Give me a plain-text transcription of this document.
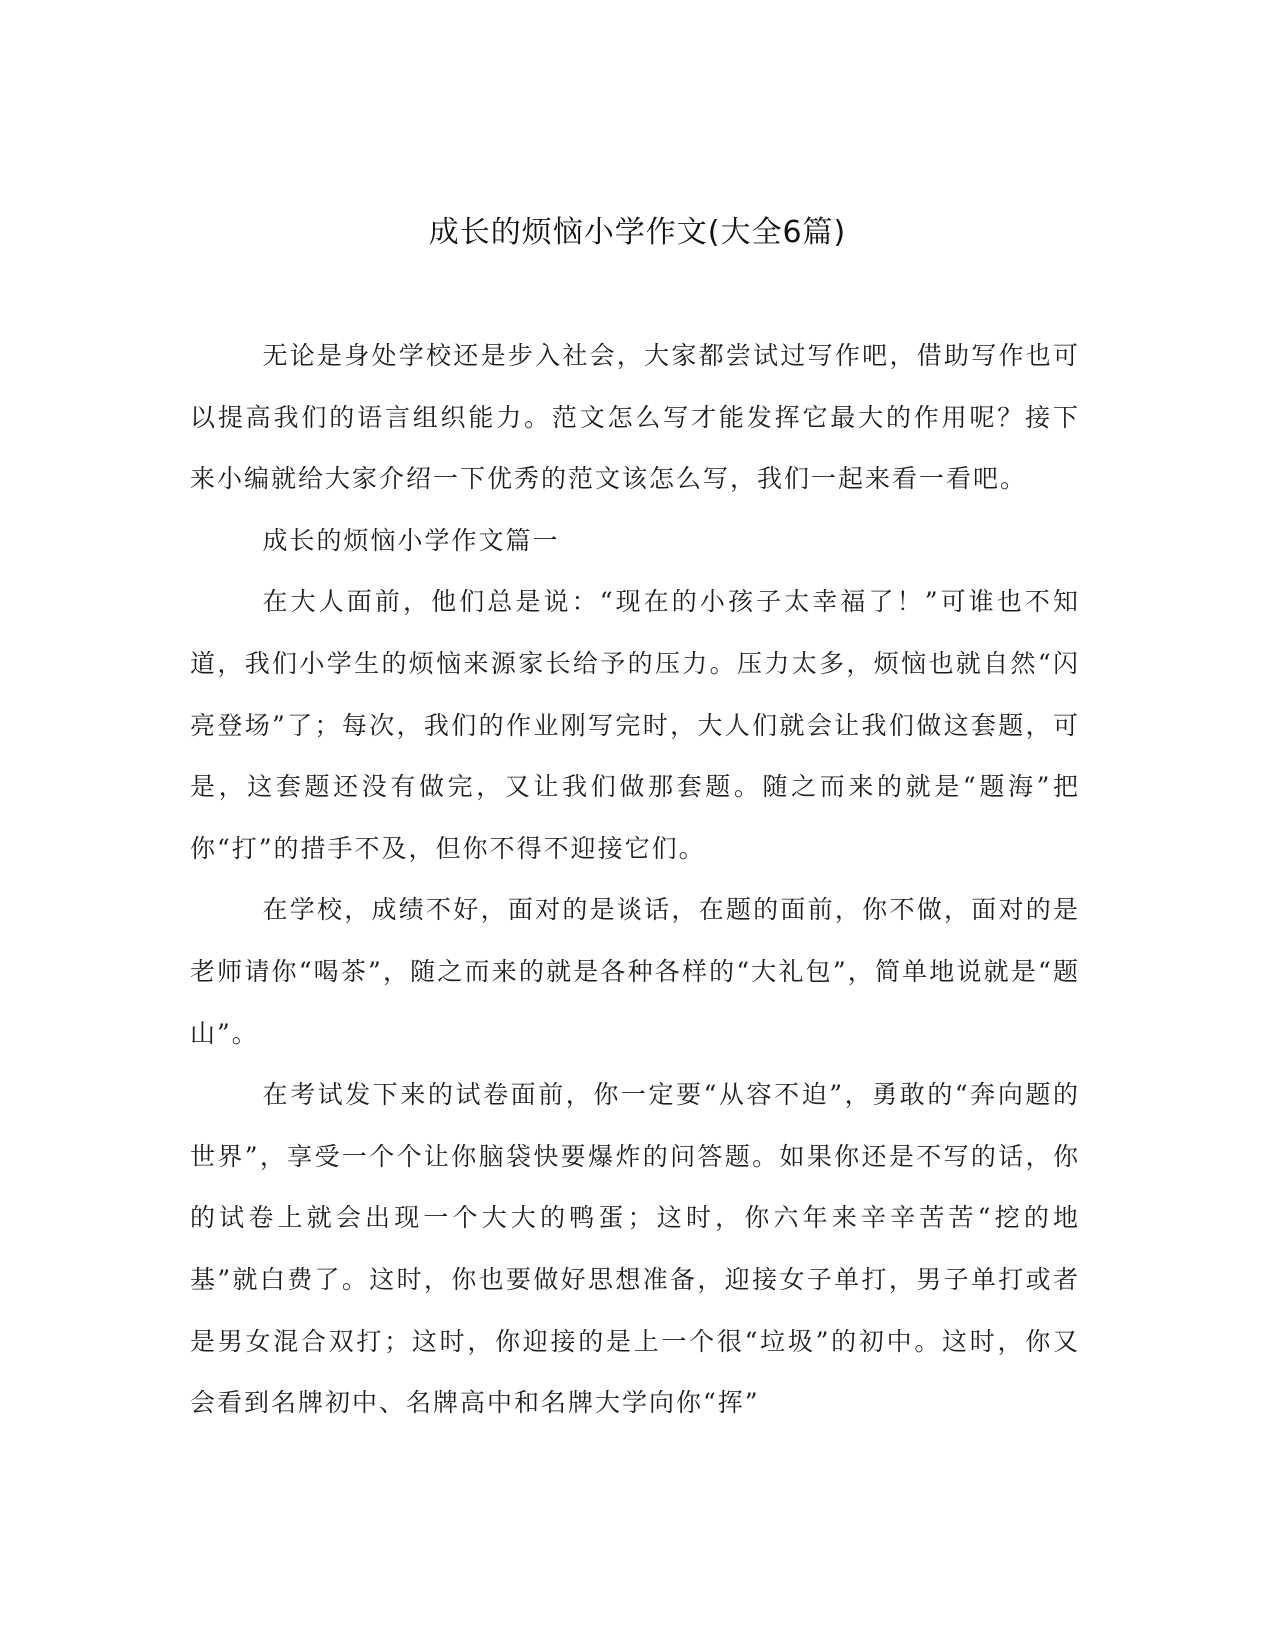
成长的烦恼小学作文(大全6篇)

无论是身处学校还是步入社会，大家都尝试过写作吧，借助写作也可以提高我们的语言组织能力。范文怎么写才能发挥它最大的作用呢？接下来小编就给大家介绍一下优秀的范文该怎么写，我们一起来看一看吧。

成长的烦恼小学作文篇一

在大人面前，他们总是说：“现在的小孩子太幸福了！”可谁也不知道，我们小学生的烦恼来源家长给予的压力。压力太多，烦恼也就自然“闪亮登场”了；每次，我们的作业刚写完时，大人们就会让我们做这套题，可是，这套题还没有做完，又让我们做那套题。随之而来的就是“题海”把你“打”的措手不及，但你不得不迎接它们。

在学校，成绩不好，面对的是谈话，在题的面前，你不做，面对的是老师请你“喝茶”，随之而来的就是各种各样的“大礼包”，简单地说就是“题山”。

在考试发下来的试卷面前，你一定要“从容不迫”，勇敢的“奔向题的世界”，享受一个个让你脑袋快要爆炸的问答题。如果你还是不写的话，你的试卷上就会出现一个大大的鸭蛋；这时，你六年来辛辛苦苦“挖的地基”就白费了。这时，你也要做好思想准备，迎接女子单打，男子单打或者是男女混合双打；这时，你迎接的是上一个很“垃圾”的初中。这时，你又会看到名牌初中、名牌高中和名牌大学向你“挥”
